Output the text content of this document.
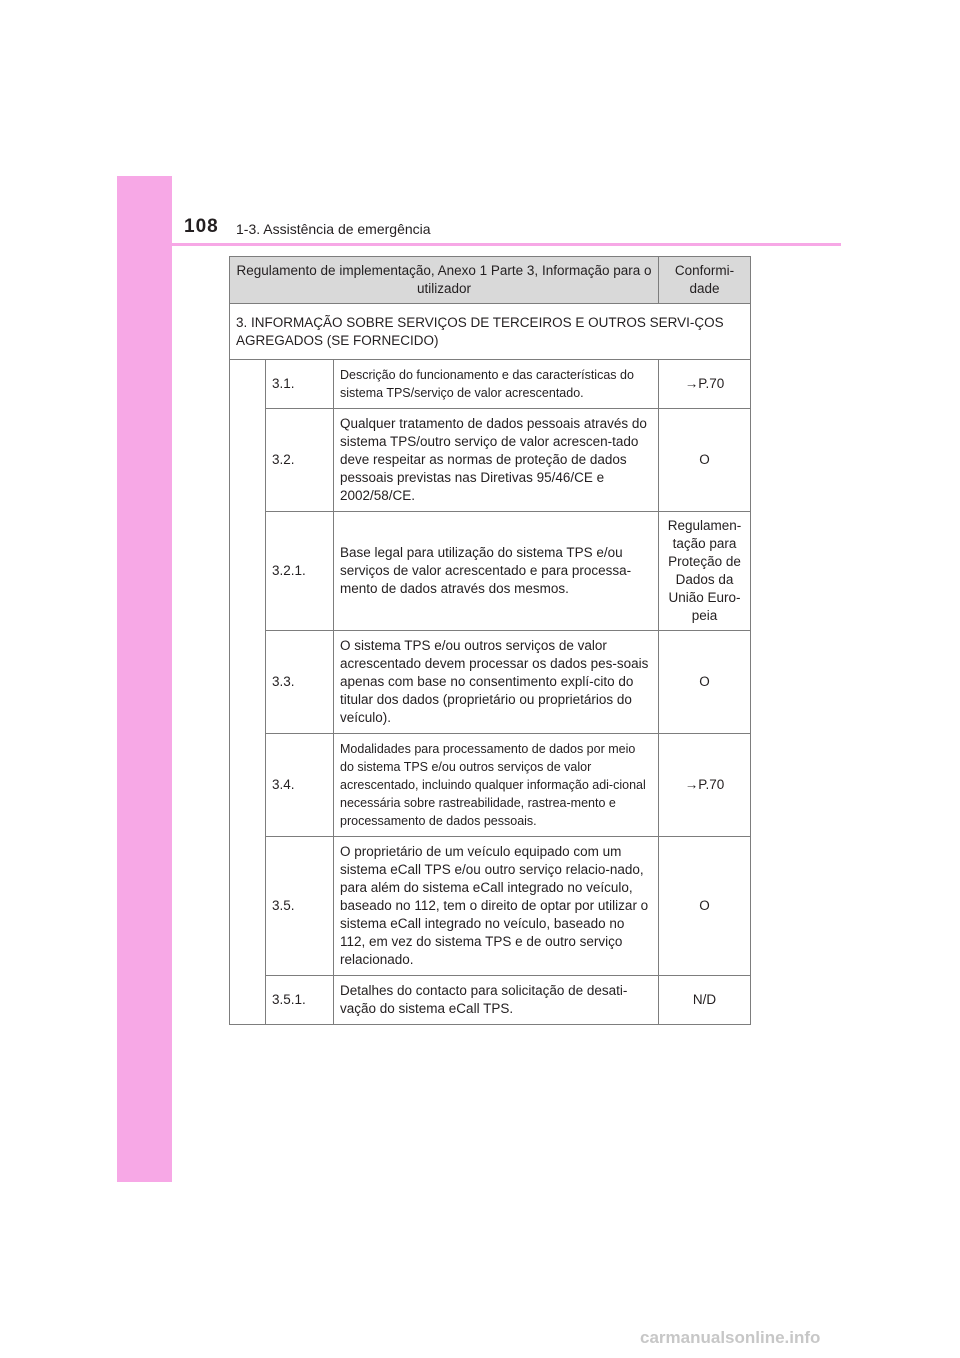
108 1-3. Assistência de emergência
Regulamento de implementação, Anexo 1 Parte 3, Informação para o utilizador			Conformi-dade
3. INFORMAÇÃO SOBRE SERVIÇOS DE TERCEIROS E OUTROS SERVI-ÇOS AGREGADOS (SE FORNECIDO)			
	3.1.	Descrição do funcionamento e das características do sistema TPS/serviço de valor acrescentado.	→P.70
	3.2.	Qualquer tratamento de dados pessoais através do sistema TPS/outro serviço de valor acrescen-tado deve respeitar as normas de proteção de dados pessoais previstas nas Diretivas 95/46/CE e 2002/58/CE.	O
	3.2.1.	Base legal para utilização do sistema TPS e/ou serviços de valor acrescentado e para processa-mento de dados através dos mesmos.	Regulamen-tação para Proteção de Dados da União Euro-peia
	3.3.	O sistema TPS e/ou outros serviços de valor acrescentado devem processar os dados pes-soais apenas com base no consentimento explí-cito do titular dos dados (proprietário ou proprietários do veículo).	O
	3.4.	Modalidades para processamento de dados por meio do sistema TPS e/ou outros serviços de valor acrescentado, incluindo qualquer informação adi-cional necessária sobre rastreabilidade, rastrea-mento e processamento de dados pessoais.	→P.70
	3.5.	O proprietário de um veículo equipado com um sistema eCall TPS e/ou outro serviço relacio-nado, para além do sistema eCall integrado no veículo, baseado no 112, tem o direito de optar por utilizar o sistema eCall integrado no veículo, baseado no 112, em vez do sistema TPS e de outro serviço relacionado.	O
	3.5.1.	Detalhes do contacto para solicitação de desati-vação do sistema eCall TPS.	N/D
carmanualsonline.info
